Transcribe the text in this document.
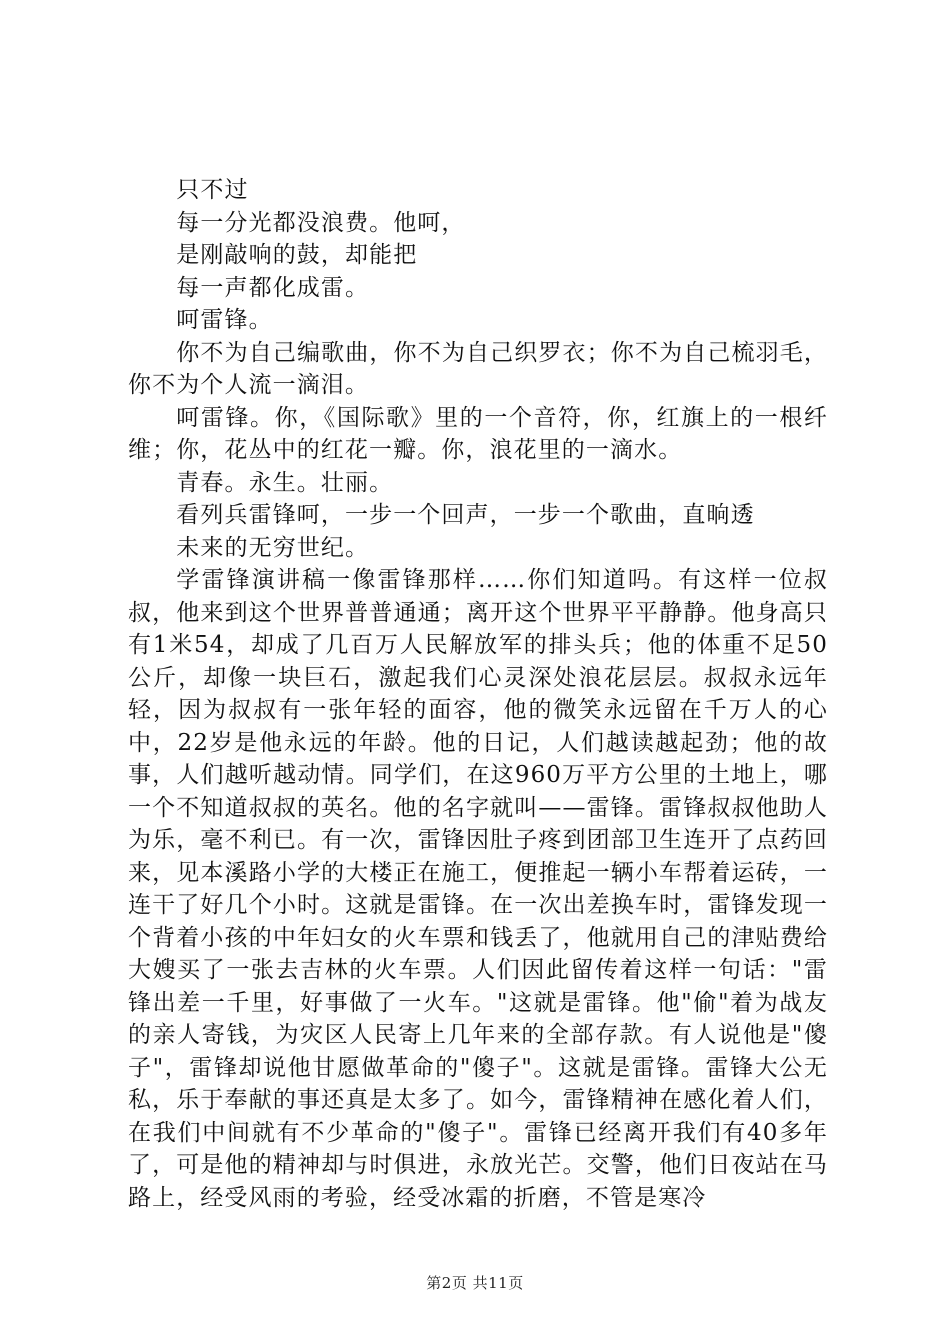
只不过

每一分光都没浪费。他呵，

是刚敲响的鼓，却能把

每一声都化成雷。

呵雷锋。

你不为自己编歌曲，你不为自己织罗衣；你不为自己梳羽毛，你不为个人流一滴泪。

呵雷锋。你，《国际歌》里的一个音符，你，红旗上的一根纤维；你，花丛中的红花一瓣。你，浪花里的一滴水。

青春。永生。壮丽。

看列兵雷锋呵，一步一个回声，一步一个歌曲，直晌透

未来的无穷世纪。

学雷锋演讲稿一像雷锋那样……你们知道吗。有这样一位叔叔，他来到这个世界普普通通；离开这个世界平平静静。他身高只有1米54，却成了几百万人民解放军的排头兵；他的体重不足50公斤，却像一块巨石，激起我们心灵深处浪花层层。叔叔永远年轻，因为叔叔有一张年轻的面容，他的微笑永远留在千万人的心中，22岁是他永远的年龄。他的日记，人们越读越起劲；他的故事，人们越听越动情。同学们，在这960万平方公里的土地上，哪一个不知道叔叔的英名。他的名字就叫——雷锋。雷锋叔叔他助人为乐，毫不利已。有一次，雷锋因肚子疼到团部卫生连开了点药回来，见本溪路小学的大楼正在施工，便推起一辆小车帮着运砖，一连干了好几个小时。这就是雷锋。在一次出差换车时，雷锋发现一个背着小孩的中年妇女的火车票和钱丢了，他就用自己的津贴费给大嫂买了一张去吉林的火车票。人们因此留传着这样一句话："雷锋出差一千里，好事做了一火车。"这就是雷锋。他"偷"着为战友的亲人寄钱，为灾区人民寄上几年来的全部存款。有人说他是"傻子"，雷锋却说他甘愿做革命的"傻子"。这就是雷锋。雷锋大公无私，乐于奉献的事还真是太多了。如今，雷锋精神在感化着人们，在我们中间就有不少革命的"傻子"。雷锋已经离开我们有40多年了，可是他的精神却与时俱进，永放光芒。交警，他们日夜站在马路上，经受风雨的考验，经受冰霜的折磨，不管是寒冷

第2页 共11页
